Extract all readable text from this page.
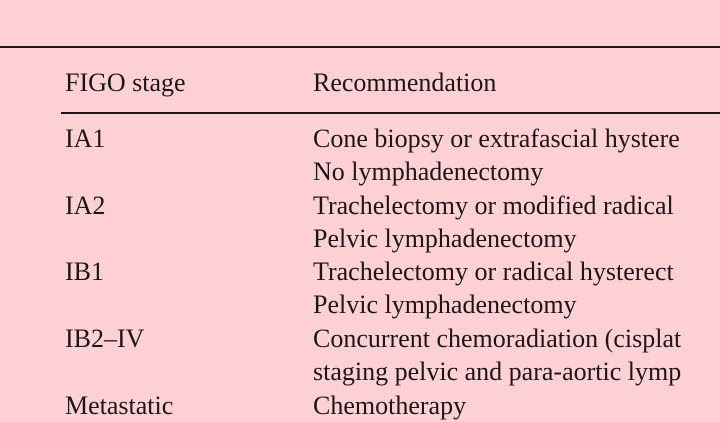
FIGO stage	Recommendation
IA1	Cone biopsy or extrafascial hystere
No lymphadenectomy
IA2	Trachelectomy or modified radical
Pelvic lymphadenectomy
IB1	Trachelectomy or radical hysterect
Pelvic lymphadenectomy
IB2–IV	Concurrent chemoradiation (cisplat
staging pelvic and para-aortic lymp
Metastatic	Chemotherapy
